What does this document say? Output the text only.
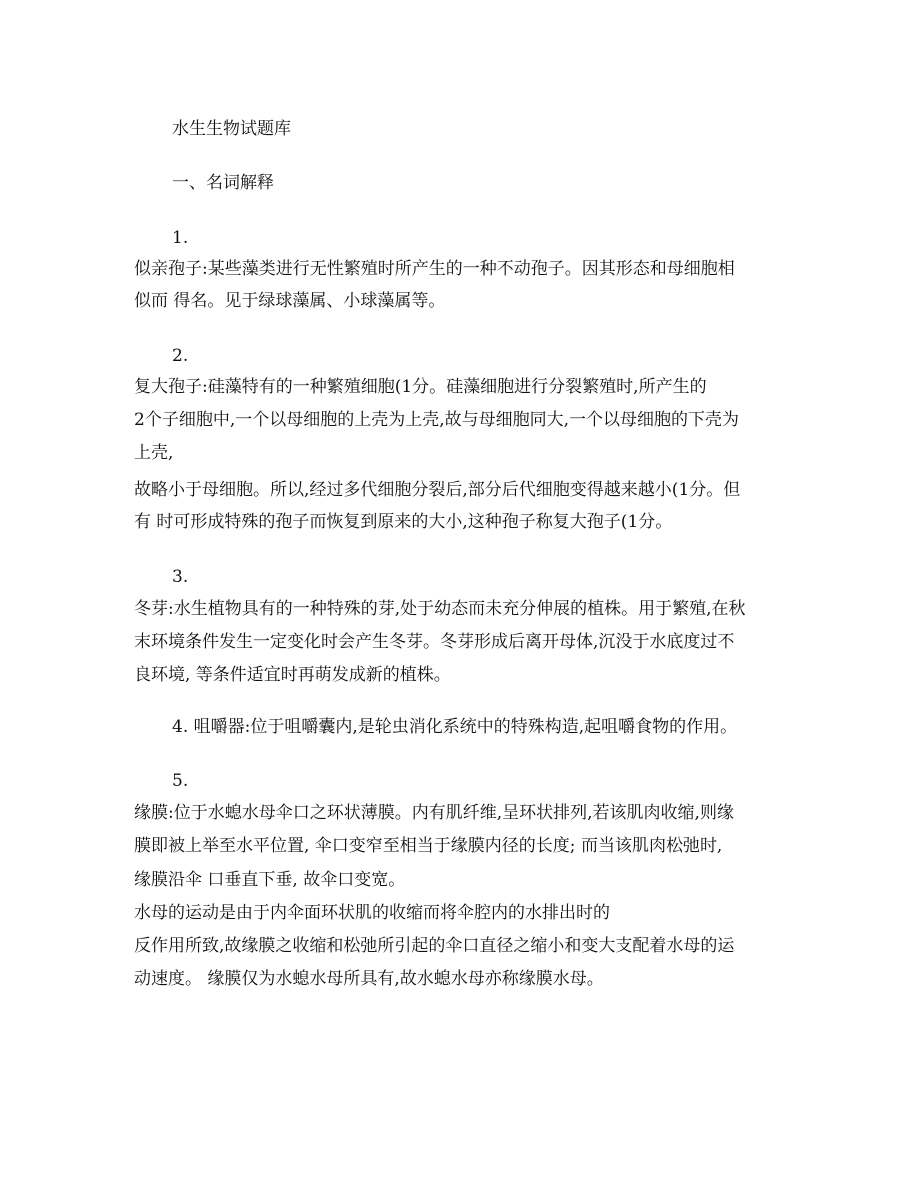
水生生物试题库
一、名词解释
1.
似亲孢子:某些藻类进行无性繁殖时所产生的一种不动孢子。因其形态和母细胞相
似而 得名。见于绿球藻属、小球藻属等。
2.
复大孢子:硅藻特有的一种繁殖细胞(1分。硅藻细胞进行分裂繁殖时,所产生的
2个子细胞中,一个以母细胞的上壳为上壳,故与母细胞同大,一个以母细胞的下壳为
上壳,
故略小于母细胞。所以,经过多代细胞分裂后,部分后代细胞变得越来越小(1分。但
有 时可形成特殊的孢子而恢复到原来的大小,这种孢子称复大孢子(1分。
3.
冬芽:水生植物具有的一种特殊的芽,处于幼态而未充分伸展的植株。用于繁殖,在秋
末环境条件发生一定变化时会产生冬芽。冬芽形成后离开母体,沉没于水底度过不
良环境, 等条件适宜时再萌发成新的植株。
4. 咀嚼器:位于咀嚼囊内,是轮虫消化系统中的特殊构造,起咀嚼食物的作用。
5.
缘膜:位于水螅水母伞口之环状薄膜。内有肌纤维,呈环状排列,若该肌肉收缩,则缘
膜即被上举至水平位置, 伞口变窄至相当于缘膜内径的长度; 而当该肌肉松弛时,
缘膜沿伞 口垂直下垂, 故伞口变宽。
水母的运动是由于内伞面环状肌的收缩而将伞腔内的水排出时的
反作用所致,故缘膜之收缩和松弛所引起的伞口直径之缩小和变大支配着水母的运
动速度。 缘膜仅为水螅水母所具有,故水螅水母亦称缘膜水母。
